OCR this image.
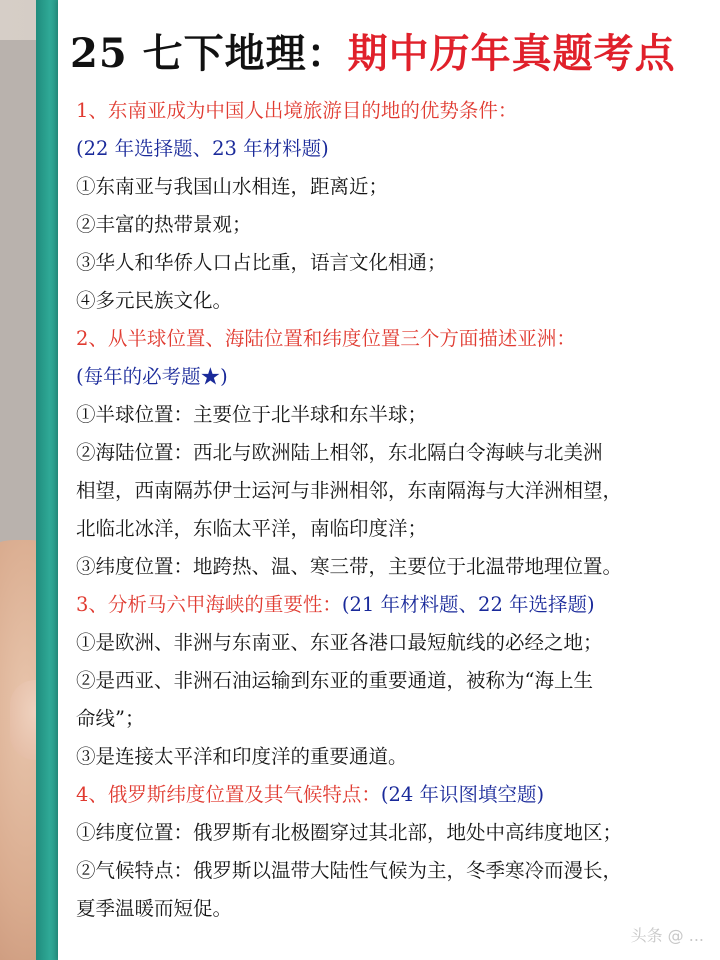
25 七下地理： 期中历年真题考点
1、东南亚成为中国人出境旅游目的地的优势条件：
(22 年选择题、23 年材料题)
①东南亚与我国山水相连，距离近；
②丰富的热带景观；
③华人和华侨人口占比重，语言文化相通；
④多元民族文化。
2、从半球位置、海陆位置和纬度位置三个方面描述亚洲：
(每年的必考题★)
①半球位置：主要位于北半球和东半球；
②海陆位置：西北与欧洲陆上相邻，东北隔白令海峡与北美洲
相望，西南隔苏伊士运河与非洲相邻，东南隔海与大洋洲相望，
北临北冰洋，东临太平洋，南临印度洋；
③纬度位置：地跨热、温、寒三带，主要位于北温带地理位置。
3、分析马六甲海峡的重要性：(21 年材料题、22 年选择题)
①是欧洲、非洲与东南亚、东亚各港口最短航线的必经之地；
②是西亚、非洲石油运输到东亚的重要通道，被称为“海上生
命线”；
③是连接太平洋和印度洋的重要通道。
4、俄罗斯纬度位置及其气候特点：(24 年识图填空题)
①纬度位置：俄罗斯有北极圈穿过其北部，地处中高纬度地区；
②气候特点：俄罗斯以温带大陆性气候为主，冬季寒冷而漫长，
夏季温暖而短促。
头条 @ ...
